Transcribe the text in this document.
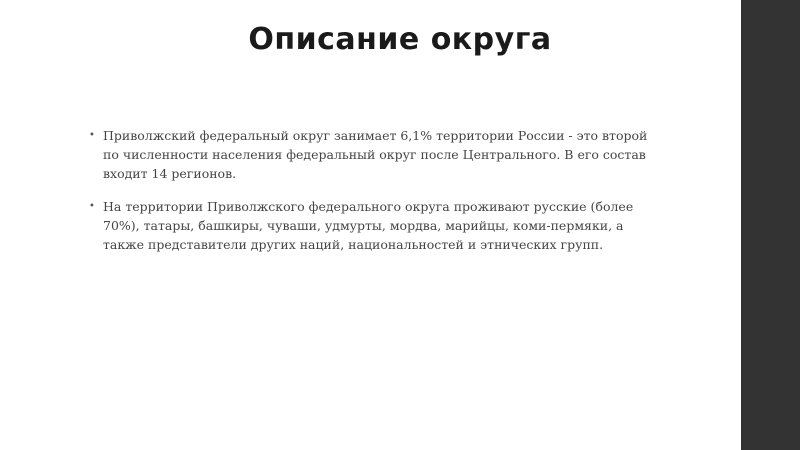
Описание округа
• Приволжский федеральный округ занимает 6,1% территории России - это второй по численности населения федеральный округ после Центрального. В его состав входит 14 регионов.
• На территории Приволжского федерального округа проживают русские (более 70%), татары, башкиры, чуваши, удмурты, мордва, марийцы, коми-пермяки, а также представители других наций, национальностей и этнических групп.
